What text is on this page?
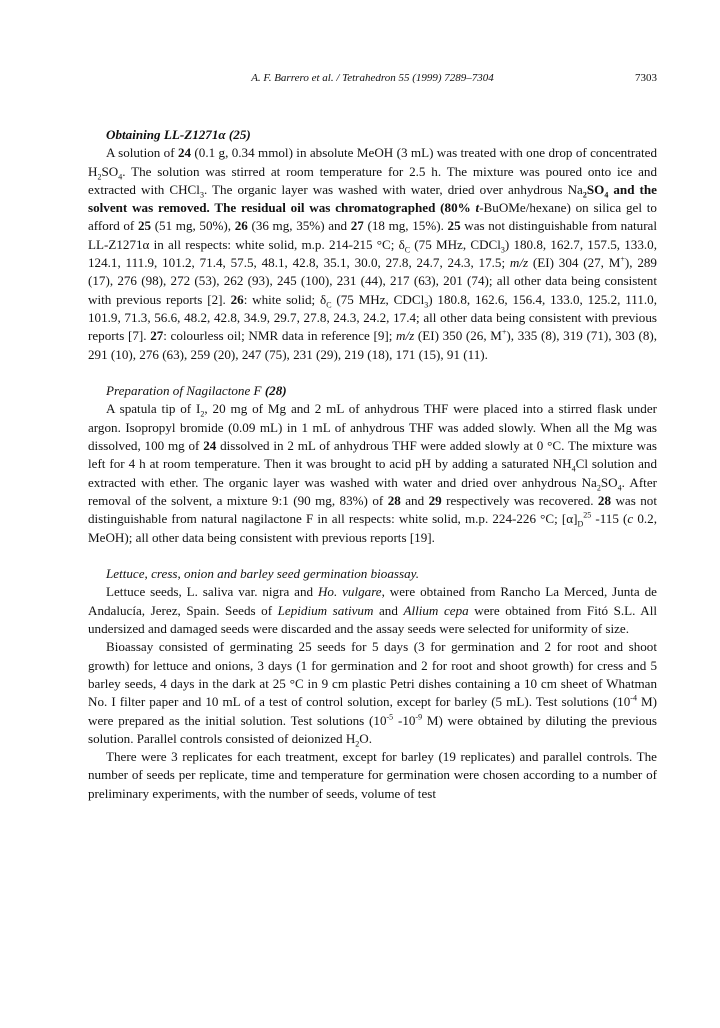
A. F. Barrero et al. / Tetrahedron 55 (1999) 7289–7304	7303

Obtaining LL-Z1271α (25)

A solution of 24 (0.1 g, 0.34 mmol) in absolute MeOH (3 mL) was treated with one drop of concentrated $H_2SO_4$. The solution was stirred at room temperature for 2.5 h. The mixture was poured onto ice and extracted with CHCl$_3$. The organic layer was washed with water, dried over anhydrous $Na_2SO_4$ and the solvent was removed. The residual oil was chromatographed (80% t-BuOMe/hexane) on silica gel to afford of 25 (51 mg, 50%), 26 (36 mg, 35%) and 27 (18 mg, 15%). 25 was not distinguishable from natural LL-Z1271α in all respects: white solid, m.p. 214-215 °C; $\delta_C$ (75 MHz, CDCl$_3$) 180.8, 162.7, 157.5, 133.0, 124.1, 111.9, 101.2, 71.4, 57.5, 48.1, 42.8, 35.1, 30.0, 27.8, 24.7, 24.3, 17.5; m/z (EI) 304 (27, M+), 289 (17), 276 (98), 272 (53), 262 (93), 245 (100), 231 (44), 217 (63), 201 (74); all other data being consistent with previous reports [2]. 26: white solid; $\delta_C$ (75 MHz, CDCl$_3$) 180.8, 162.6, 156.4, 133.0, 125.2, 111.0, 101.9, 71.3, 56.6, 48.2, 42.8, 34.9, 29.7, 27.8, 24.3, 24.2, 17.4; all other data being consistent with previous reports [7]. 27: colourless oil; NMR data in reference [9]; m/z (EI) 350 (26, M+), 335 (8), 319 (71), 303 (8), 291 (10), 276 (63), 259 (20), 247 (75), 231 (29), 219 (18), 171 (15), 91 (11).

Preparation of Nagilactone F (28)

A spatula tip of $I_2$, 20 mg of Mg and 2 mL of anhydrous THF were placed into a stirred flask under argon. Isopropyl bromide (0.09 mL) in 1 mL of anhydrous THF was added slowly. When all the Mg was dissolved, 100 mg of 24 dissolved in 2 mL of anhydrous THF were added slowly at 0 °C. The mixture was left for 4 h at room temperature. Then it was brought to acid pH by adding a saturated $NH_4Cl$ solution and extracted with ether. The organic layer was washed with water and dried over anhydrous $Na_2SO_4$. After removal of the solvent, a mixture 9:1 (90 mg, 83%) of 28 and 29 respectively was recovered. 28 was not distinguishable from natural nagilactone F in all respects: white solid, m.p. 224-226 °C; $[\alpha]_D^{25}$ -115 (c 0.2, MeOH); all other data being consistent with previous reports [19].

Lettuce, cress, onion and barley seed germination bioassay.

Lettuce seeds, L. saliva var. nigra and Ho. vulgare, were obtained from Rancho La Merced, Junta de Andalucía, Jerez, Spain. Seeds of Lepidium sativum and Allium cepa were obtained from Fitó S.L. All undersized and damaged seeds were discarded and the assay seeds were selected for uniformity of size.

Bioassay consisted of germinating 25 seeds for 5 days (3 for germination and 2 for root and shoot growth) for lettuce and onions, 3 days (1 for germination and 2 for root and shoot growth) for cress and 5 barley seeds, 4 days in the dark at 25 °C in 9 cm plastic Petri dishes containing a 10 cm sheet of Whatman No. I filter paper and 10 mL of a test of control solution, except for barley (5 mL). Test solutions ($10^{-4}$ M) were prepared as the initial solution. Test solutions ($10^{-5}$ $-10^{-9}$ M) were obtained by diluting the previous solution. Parallel controls consisted of deionized $H_2O$.

There were 3 replicates for each treatment, except for barley (19 replicates) and parallel controls. The number of seeds per replicate, time and temperature for germination were chosen according to a number of preliminary experiments, with the number of seeds, volume of test
